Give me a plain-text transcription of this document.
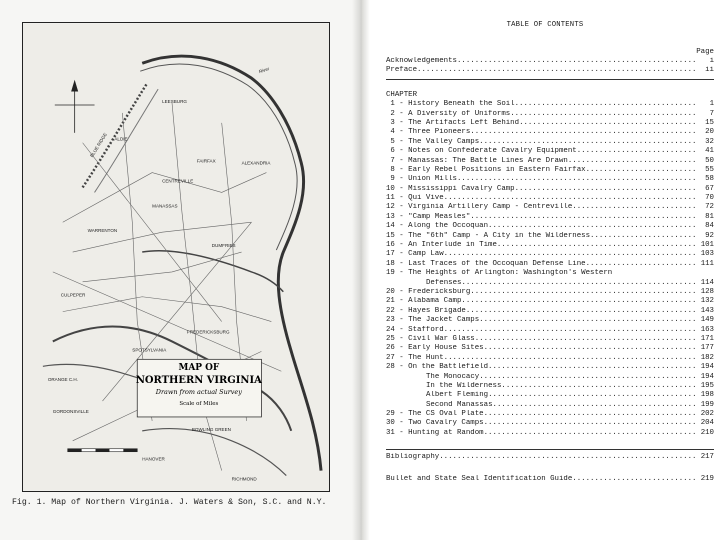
MAP OF
NORTHERN VIRGINIA
Drawn from actual Survey
Scale of Miles
River
BLUE RIDGE
LEESBURG
ALDIE
ALEXANDRIA
FAIRFAX
CENTREVILLE
MANASSAS
WARRENTON
DUMFRIES
CULPEPER
FREDERICKSBURG
ORANGE C.H.
SPOTSYLVANIA
GORDONSVILLE
BOWLING GREEN
HANOVER
RICHMOND
Fig. 1. Map of Northern Virginia. J. Waters & Son, S.C. and N.Y.
TABLE OF CONTENTS
Page
Acknowledgements .....	i
Preface .....	ii
CHAPTER
1 - History Beneath the Soil .....	1
2 - A Diversity of Uniforms .....	7
3 - The Artifacts Left Behind .....	15
4 - Three Pioneers .....	20
5 - The Valley Camps .....	32
6 - Notes on Confederate Cavalry Equipment .....	41
7 - Manassas: The Battle Lines Are Drawn .....	50
8 - Early Rebel Positions in Eastern Fairfax .....	55
9 - Union Mills .....	58
10 - Mississippi Cavalry Camp .....	67
11 - Qui Vive .....	70
12 - Virginia Artillery Camp - Centreville .....	72
13 - "Camp Measles" .....	81
14 - Along the Occoquan .....	84
15 - The "6th" Camp - A City in the Wilderness .....	92
16 - An Interlude in Time .....	101
17 - Camp Law .....	103
18 - Last Traces of the Occoquan Defense Line .....	111
19 - The Heights of Arlington: Washington's Western
Defenses .....	114
20 - Fredericksburg .....	128
21 - Alabama Camp .....	132
22 - Hayes Brigade .....	143
23 - The Jacket Camps .....	149
24 - Stafford .....	163
25 - Civil War Glass .....	171
26 - Early House Sites .....	177
27 - The Hunt .....	182
28 - On the Battlefield .....	194
The Monocacy .....	194
In the Wilderness .....	195
Albert Fleming .....	198
Second Manassas .....	199
29 - The CS Oval Plate .....	202
30 - Two Cavalry Camps .....	204
31 - Hunting at Random .....	210
Bibliography .....	217
Bullet and State Seal Identification Guide .....	219
